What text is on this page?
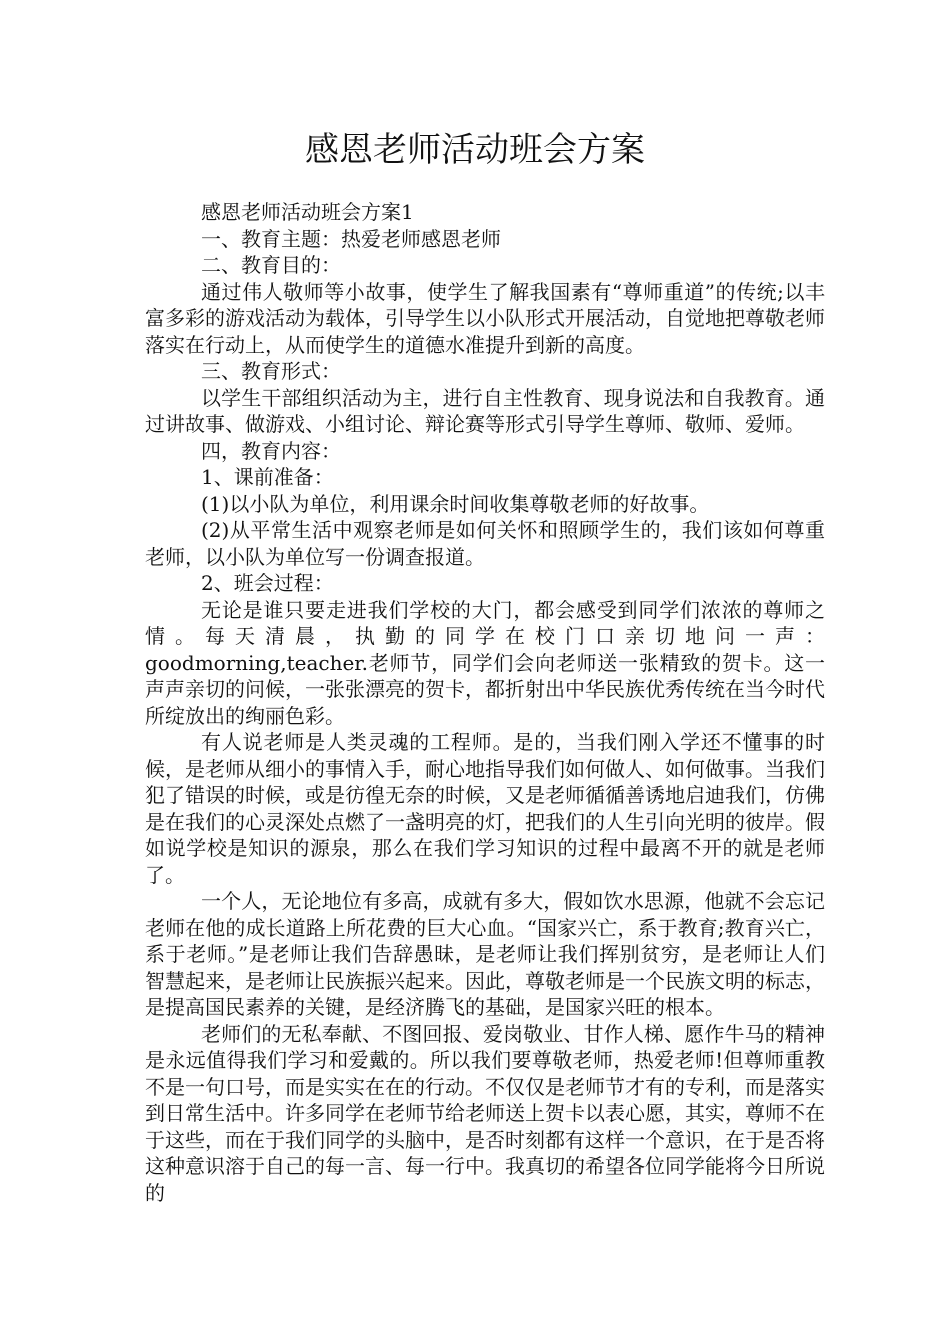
感恩老师活动班会方案

感恩老师活动班会方案1

一、教育主题：热爱老师感恩老师

二、教育目的：

通过伟人敬师等小故事，使学生了解我国素有“尊师重道”的传统;以丰富多彩的游戏活动为载体，引导学生以小队形式开展活动，自觉地把尊敬老师落实在行动上，从而使学生的道德水准提升到新的高度。

三、教育形式：

以学生干部组织活动为主，进行自主性教育、现身说法和自我教育。通过讲故事、做游戏、小组讨论、辩论赛等形式引导学生尊师、敬师、爱师。

四，教育内容：

1、课前准备：

(1)以小队为单位，利用课余时间收集尊敬老师的好故事。

(2)从平常生活中观察老师是如何关怀和照顾学生的，我们该如何尊重老师，以小队为单位写一份调查报道。

2、班会过程：

无论是谁只要走进我们学校的大门，都会感受到同学们浓浓的尊师之情。每天清晨，执勤的同学在校门口亲切地问一声：goodmorning,teacher.老师节，同学们会向老师送一张精致的贺卡。这一声声亲切的问候，一张张漂亮的贺卡，都折射出中华民族优秀传统在当今时代所绽放出的绚丽色彩。

有人说老师是人类灵魂的工程师。是的，当我们刚入学还不懂事的时候，是老师从细小的事情入手，耐心地指导我们如何做人、如何做事。当我们犯了错误的时候，或是彷徨无奈的时候，又是老师循循善诱地启迪我们，仿佛是在我们的心灵深处点燃了一盏明亮的灯，把我们的人生引向光明的彼岸。假如说学校是知识的源泉，那么在我们学习知识的过程中最离不开的就是老师了。

一个人，无论地位有多高，成就有多大，假如饮水思源，他就不会忘记老师在他的成长道路上所花费的巨大心血。“国家兴亡，系于教育;教育兴亡，系于老师。”是老师让我们告辞愚昧，是老师让我们挥别贫穷，是老师让人们智慧起来，是老师让民族振兴起来。因此，尊敬老师是一个民族文明的标志，是提高国民素养的关键，是经济腾飞的基础，是国家兴旺的根本。

老师们的无私奉献、不图回报、爱岗敬业、甘作人梯、愿作牛马的精神是永远值得我们学习和爱戴的。所以我们要尊敬老师，热爱老师!但尊师重教不是一句口号，而是实实在在的行动。不仅仅是老师节才有的专利，而是落实到日常生活中。许多同学在老师节给老师送上贺卡以表心愿，其实，尊师不在于这些，而在于我们同学的头脑中，是否时刻都有这样一个意识，在于是否将这种意识溶于自己的每一言、每一行中。我真切的希望各位同学能将今日所说的
